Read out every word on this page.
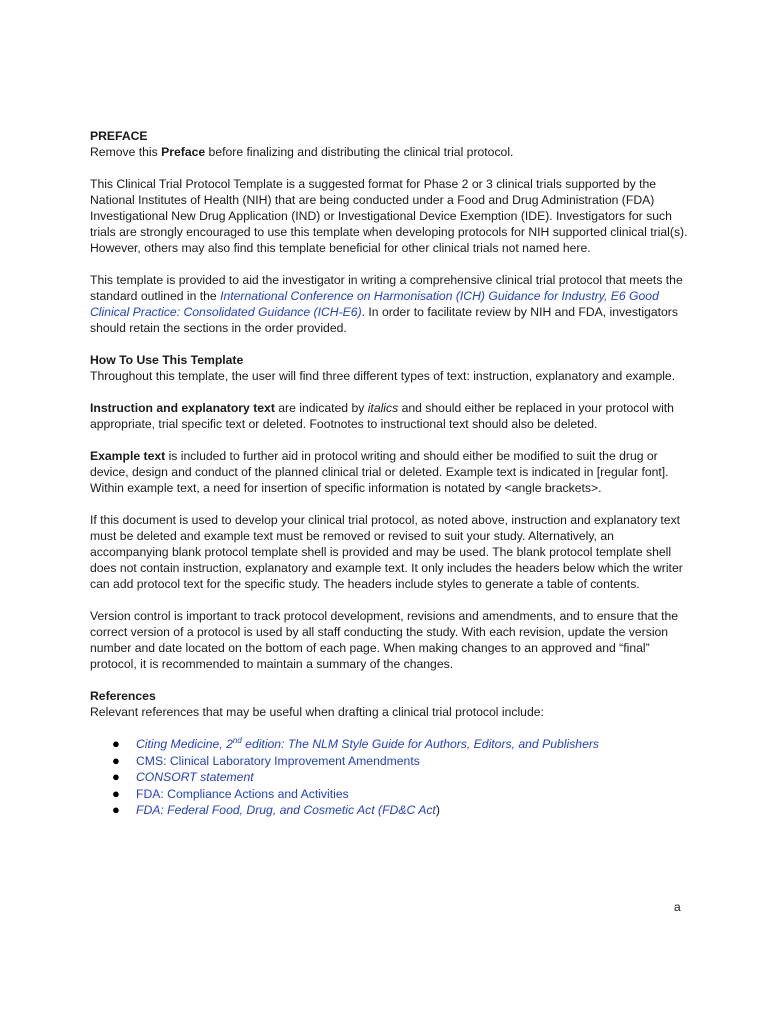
PREFACE

Remove this Preface before finalizing and distributing the clinical trial protocol.

This Clinical Trial Protocol Template is a suggested format for Phase 2 or 3 clinical trials supported by the National Institutes of Health (NIH) that are being conducted under a Food and Drug Administration (FDA) Investigational New Drug Application (IND) or Investigational Device Exemption (IDE). Investigators for such trials are strongly encouraged to use this template when developing protocols for NIH supported clinical trial(s). However, others may also find this template beneficial for other clinical trials not named here.

This template is provided to aid the investigator in writing a comprehensive clinical trial protocol that meets the standard outlined in the International Conference on Harmonisation (ICH) Guidance for Industry, E6 Good Clinical Practice: Consolidated Guidance (ICH-E6). In order to facilitate review by NIH and FDA, investigators should retain the sections in the order provided.

How To Use This Template

Throughout this template, the user will find three different types of text: instruction, explanatory and example.

Instruction and explanatory text are indicated by italics and should either be replaced in your protocol with appropriate, trial specific text or deleted. Footnotes to instructional text should also be deleted.

Example text is included to further aid in protocol writing and should either be modified to suit the drug or device, design and conduct of the planned clinical trial or deleted. Example text is indicated in [regular font]. Within example text, a need for insertion of specific information is notated by <angle brackets>.

If this document is used to develop your clinical trial protocol, as noted above, instruction and explanatory text must be deleted and example text must be removed or revised to suit your study. Alternatively, an accompanying blank protocol template shell is provided and may be used. The blank protocol template shell does not contain instruction, explanatory and example text. It only includes the headers below which the writer can add protocol text for the specific study. The headers include styles to generate a table of contents.

Version control is important to track protocol development, revisions and amendments, and to ensure that the correct version of a protocol is used by all staff conducting the study. With each revision, update the version number and date located on the bottom of each page. When making changes to an approved and “final” protocol, it is recommended to maintain a summary of the changes.

References

Relevant references that may be useful when drafting a clinical trial protocol include:

● Citing Medicine, 2nd edition: The NLM Style Guide for Authors, Editors, and Publishers
● CMS: Clinical Laboratory Improvement Amendments
● CONSORT statement
● FDA: Compliance Actions and Activities
● FDA: Federal Food, Drug, and Cosmetic Act (FD&C Act)
a
